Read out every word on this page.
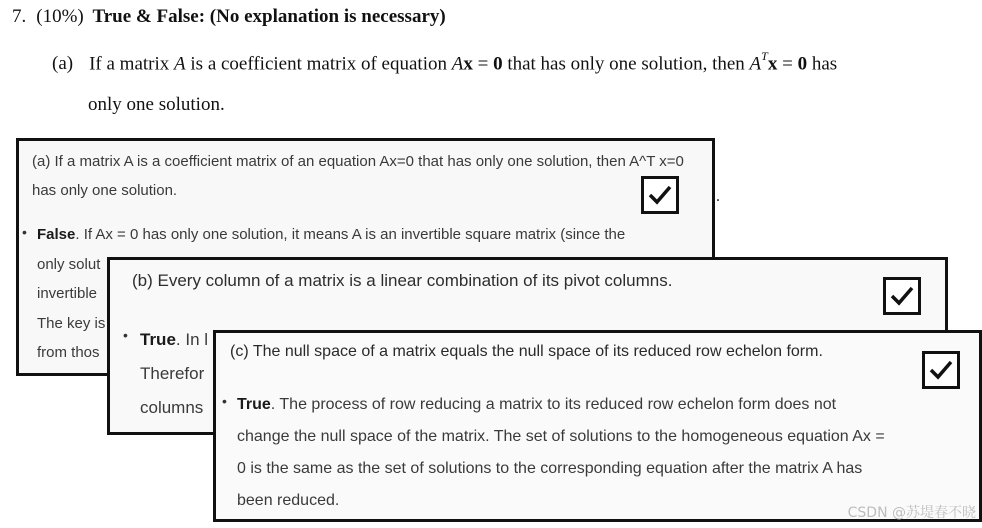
7. (10%) True & False: (No explanation is necessary)
(a) If a matrix A is a coefficient matrix of equation Ax = 0 that has only one solution, then $A^Tx = 0$ has
only one solution.
(a) If a matrix A is a coefficient matrix of an equation Ax=0 that has only one solution, then A^T x=0 has only one solution.
• False. If Ax = 0 has only one solution, it means A is an invertible square matrix (since the
only solut
invertible
The key is
from thos
.
(b) Every column of a matrix is a linear combination of its pivot columns.
• True. In l
Therefor
columns
(c) The null space of a matrix equals the null space of its reduced row echelon form.
• True. The process of row reducing a matrix to its reduced row echelon form does not
change the null space of the matrix. The set of solutions to the homogeneous equation Ax =
0 is the same as the set of solutions to the corresponding equation after the matrix A has
been reduced.
CSDN @苏堤春不晓
